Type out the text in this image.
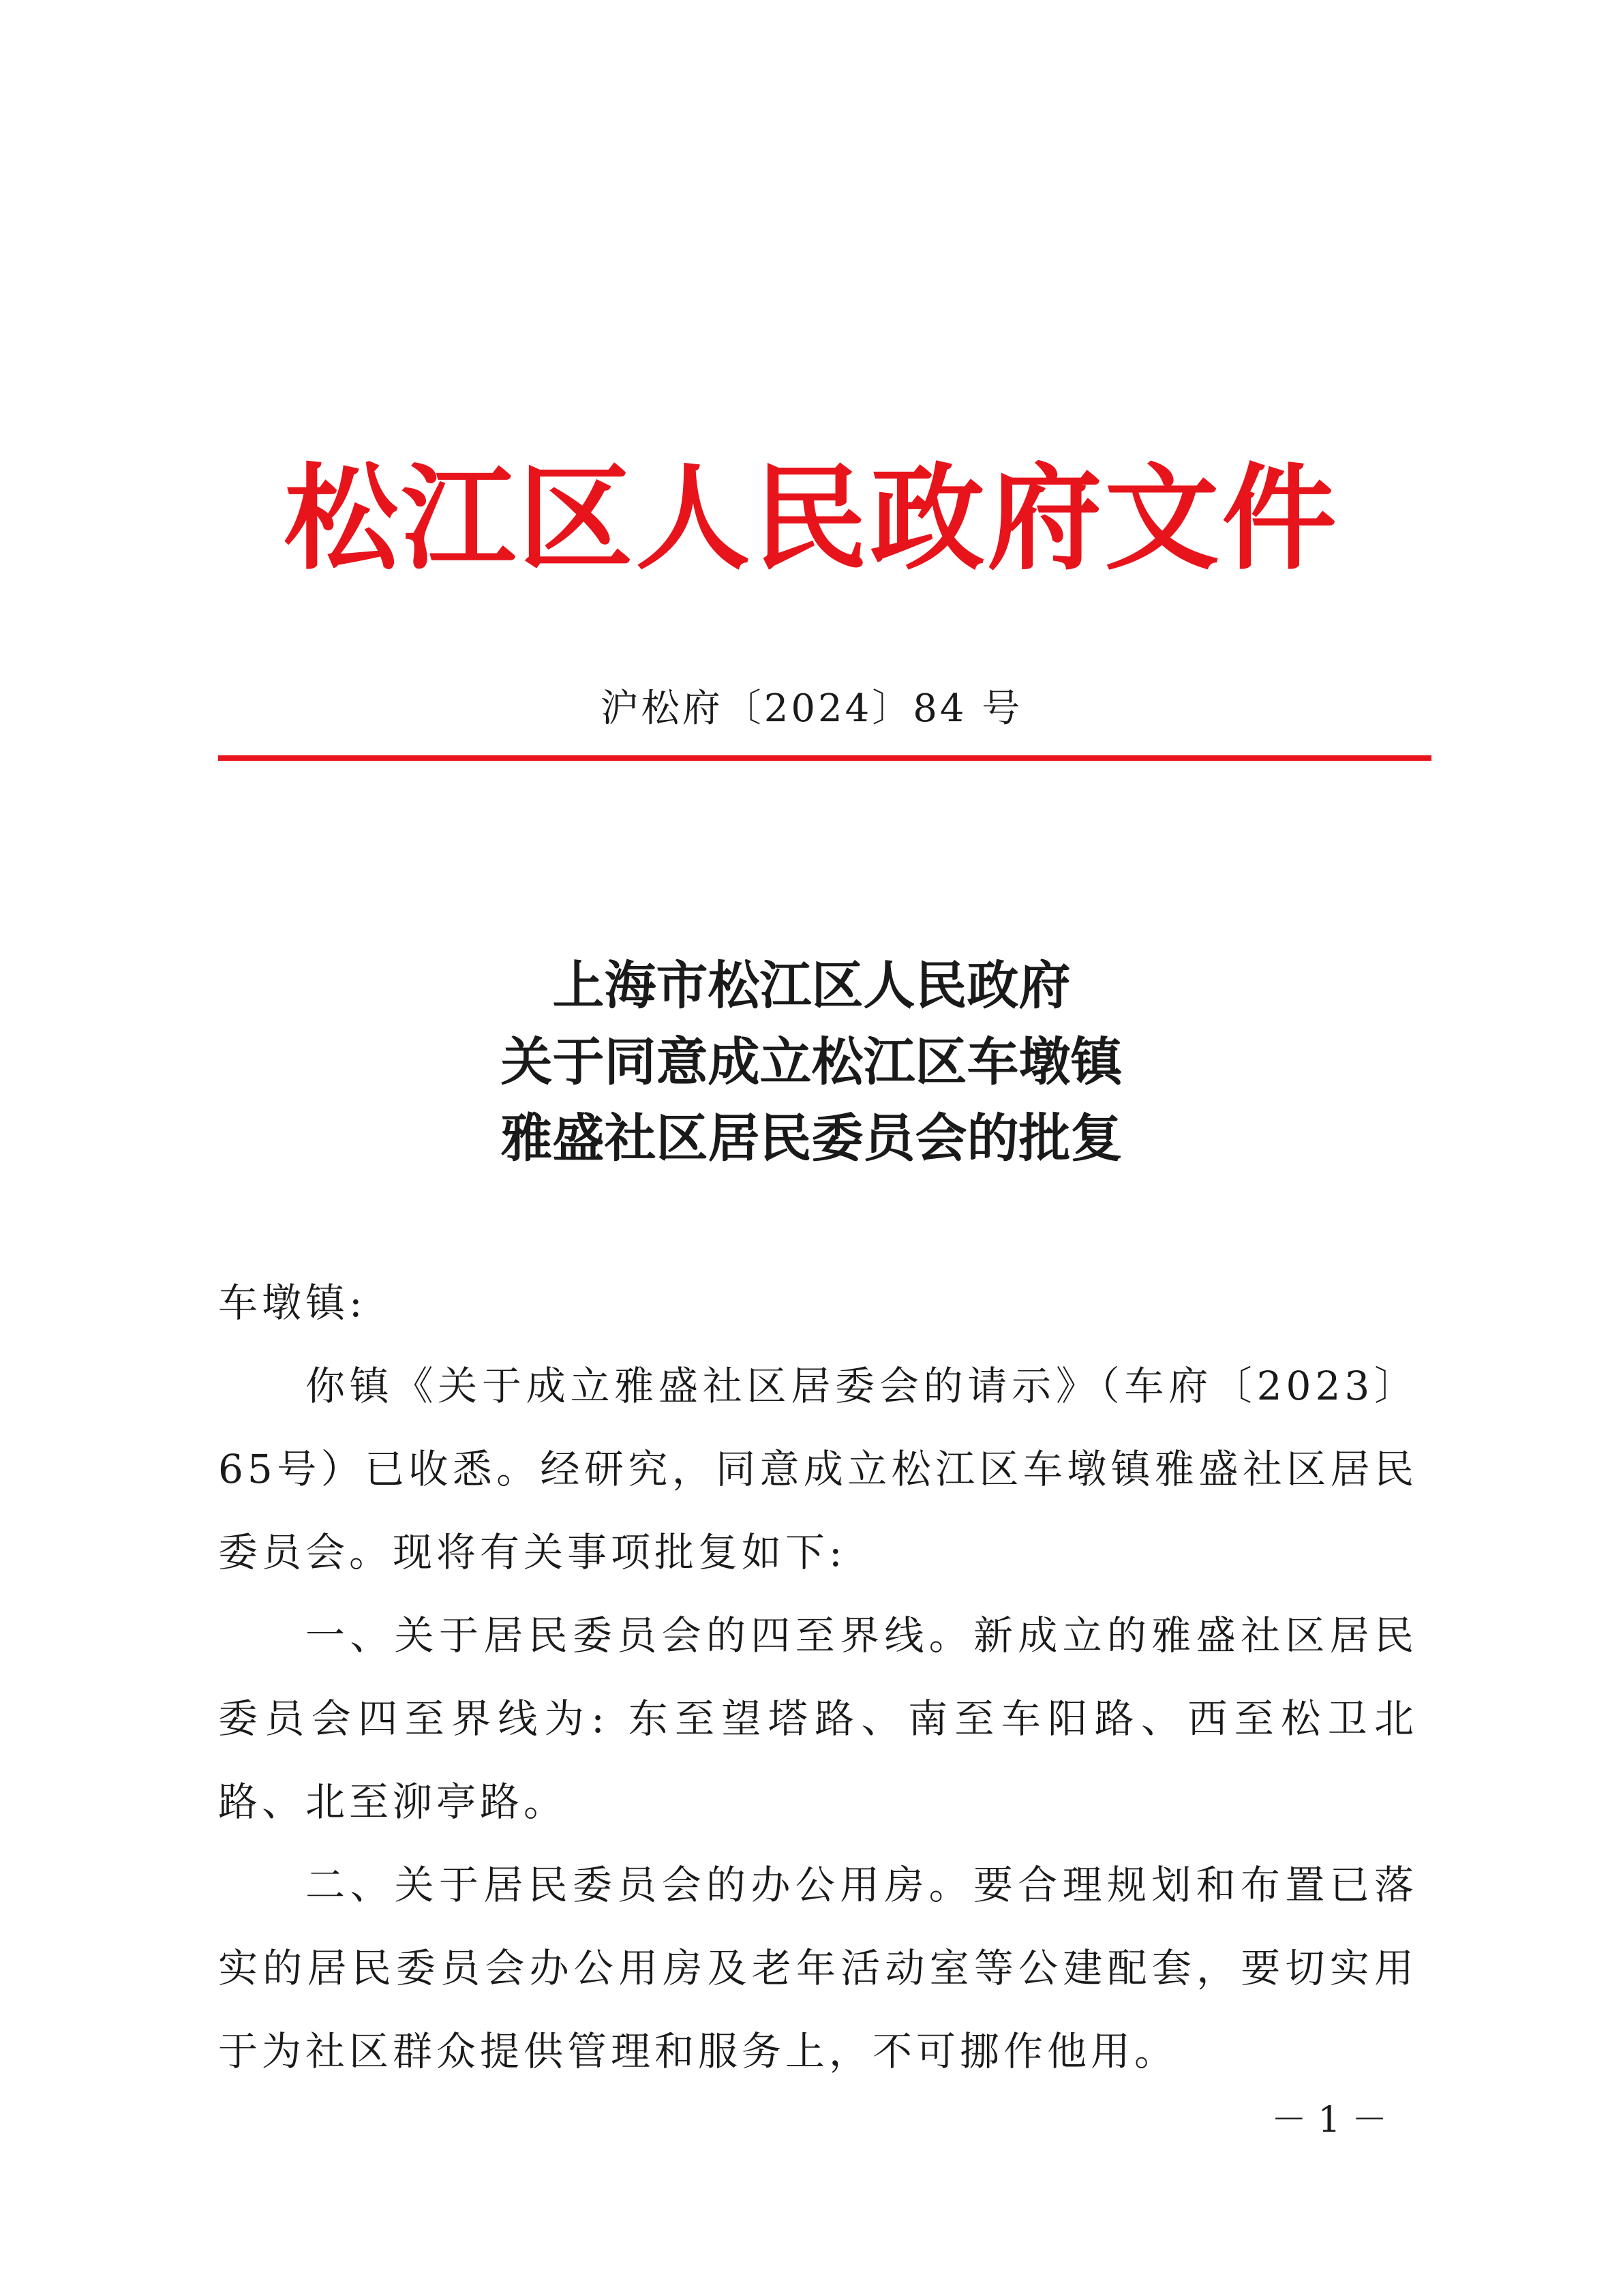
松江区人民政府文件
沪松府〔2024〕84 号
上海市松江区人民政府
关于同意成立松江区车墩镇
雅盛社区居民委员会的批复

车墩镇:

你镇《关于成立雅盛社区居委会的请示》（车府〔2023〕65号）已收悉。经研究，同意成立松江区车墩镇雅盛社区居民委员会。现将有关事项批复如下:

一、关于居民委员会的四至界线。新成立的雅盛社区居民委员会四至界线为: 东至望塔路、南至车阳路、西至松卫北路、北至泖亭路。

二、关于居民委员会的办公用房。要合理规划和布置已落实的居民委员会办公用房及老年活动室等公建配套，要切实用于为社区群众提供管理和服务上，不可挪作他用。

－ 1 －
